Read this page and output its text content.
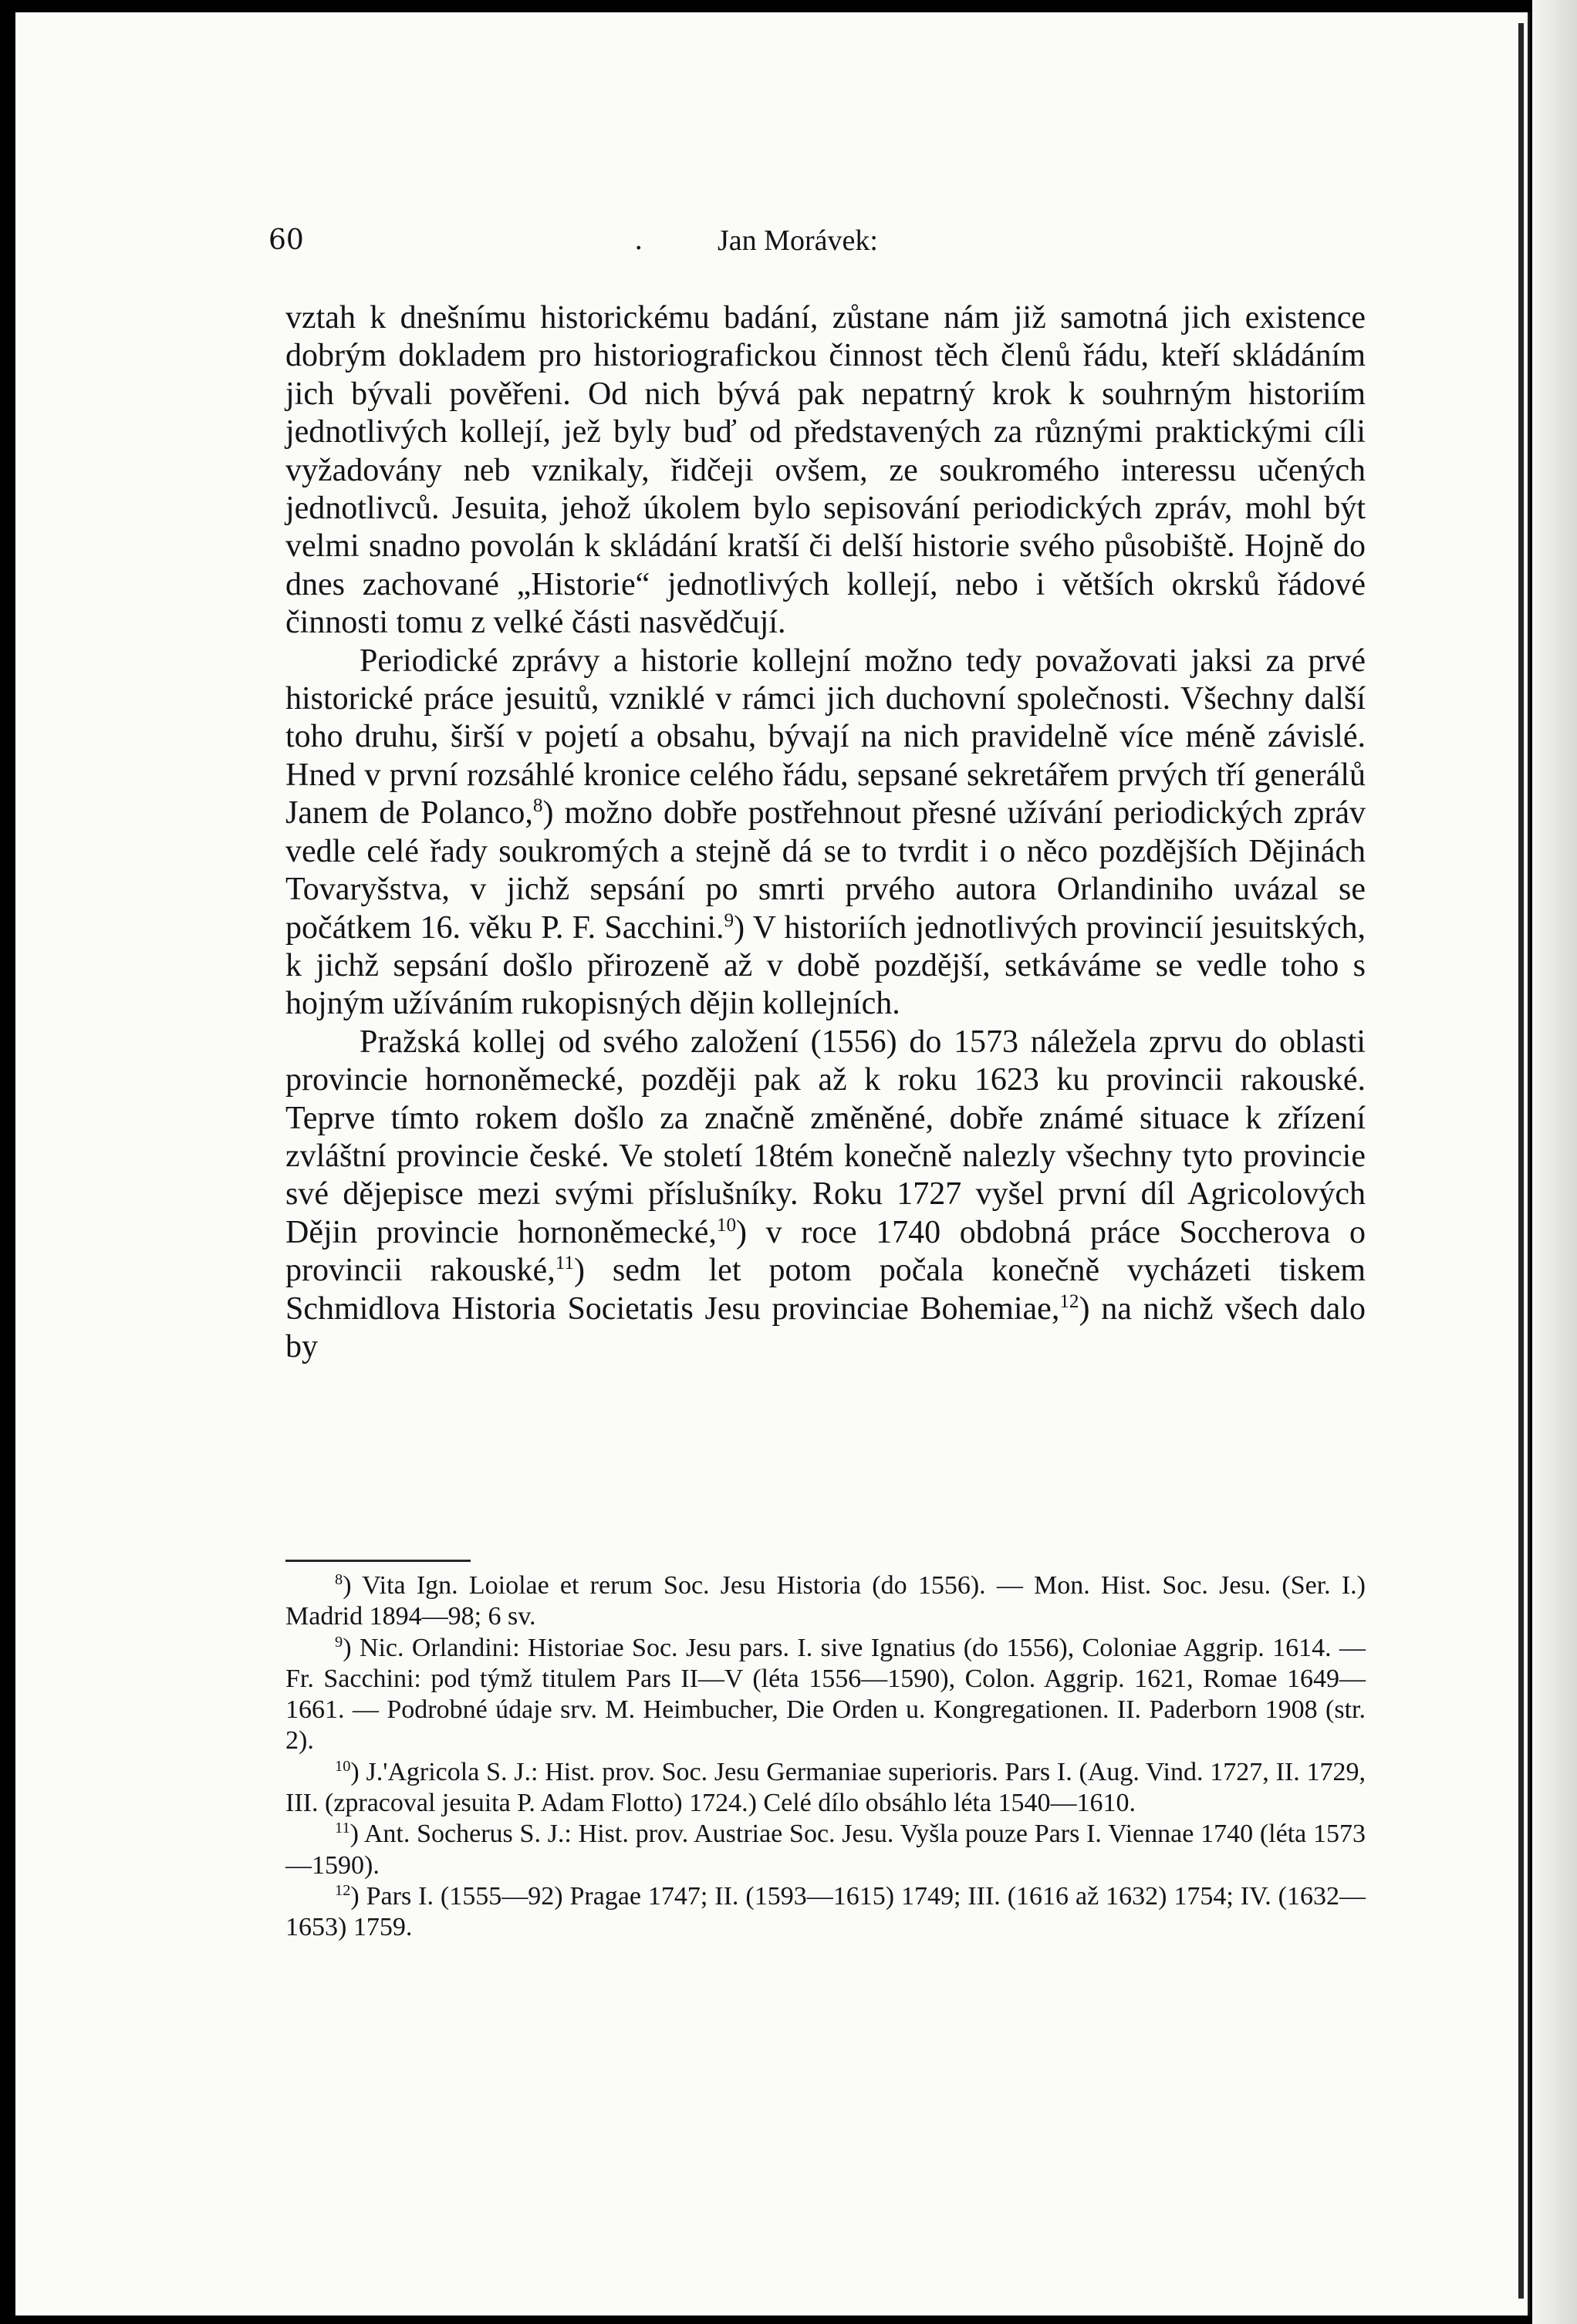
60	.	Jan Morávek:

vztah k dnešnímu historickému badání, zůstane nám již samotná jich existence dobrým dokladem pro historiografickou činnost těch členů řádu, kteří skládáním jich bývali pověřeni. Od nich bývá pak nepatrný krok k souhrným historiím jednotlivých kollejí, jež byly buď od představených za různými praktickými cíli vyžadovány neb vznikaly, řidčeji ovšem, ze soukromého interessu učených jednotlivců. Jesuita, jehož úkolem bylo sepisování periodických zpráv, mohl být velmi snadno povolán k skládání kratší či delší historie svého působiště. Hojně do dnes zachované „Historie“ jednotlivých kollejí, nebo i větších okrsků řádové činnosti tomu z velké části nasvědčují.

Periodické zprávy a historie kollejní možno tedy považovati jaksi za prvé historické práce jesuitů, vzniklé v rámci jich duchovní společnosti. Všechny další toho druhu, širší v pojetí a obsahu, bývají na nich pravidelně více méně závislé. Hned v první rozsáhlé kronice celého řádu, sepsané sekretářem prvých tří generálů Janem de Polanco,$^8$) možno dobře postřehnout přesné užívání periodických zpráv vedle celé řady soukromých a stejně dá se to tvrdit i o něco pozdějších Dějinách Tovaryšstva, v jichž sepsání po smrti prvého autora Orlandiniho uvázal se počátkem 16. věku P. F. Sacchini.$^9$) V historiích jednotlivých provincií jesuitských, k jichž sepsání došlo přirozeně až v době pozdější, setkáváme se vedle toho s hojným užíváním rukopisných dějin kollejních.

Pražská kollej od svého založení (1556) do 1573 náležela zprvu do oblasti provincie hornoněmecké, později pak až k roku 1623 ku provincii rakouské. Teprve tímto rokem došlo za značně změněné, dobře známé situace k zřízení zvláštní provincie české. Ve století 18tém konečně nalezly všechny tyto provincie své dějepisce mezi svými příslušníky. Roku 1727 vyšel první díl Agricolových Dějin provincie hornoněmecké,$^{10}$) v roce 1740 obdobná práce Soccherova o provincii rakouské,$^{11}$) sedm let potom počala konečně vycházeti tiskem Schmidlova Historia Societatis Jesu provinciae Bohemiae,$^{12}$) na nichž všech dalo by

$^8$) Vita Ign. Loiolae et rerum Soc. Jesu Historia (do 1556). — Mon. Hist. Soc. Jesu. (Ser. I.) Madrid 1894—98; 6 sv.

$^9$) Nic. Orlandini: Historiae Soc. Jesu pars. I. sive Ignatius (do 1556), Coloniae Aggrip. 1614. — Fr. Sacchini: pod týmž titulem Pars II—V (léta 1556—1590), Colon. Aggrip. 1621, Romae 1649—1661. — Podrobné údaje srv. M. Heimbucher, Die Orden u. Kongregationen. II. Paderborn 1908 (str. 2).

$^{10}$) J.'Agricola S. J.: Hist. prov. Soc. Jesu Germaniae superioris. Pars I. (Aug. Vind. 1727, II. 1729, III. (zpracoval jesuita P. Adam Flotto) 1724.) Celé dílo obsáhlo léta 1540—1610.

$^{11}$) Ant. Socherus S. J.: Hist. prov. Austriae Soc. Jesu. Vyšla pouze Pars I. Viennae 1740 (léta 1573—1590).

$^{12}$) Pars I. (1555—92) Pragae 1747; II. (1593—1615) 1749; III. (1616 až 1632) 1754; IV. (1632—1653) 1759.
